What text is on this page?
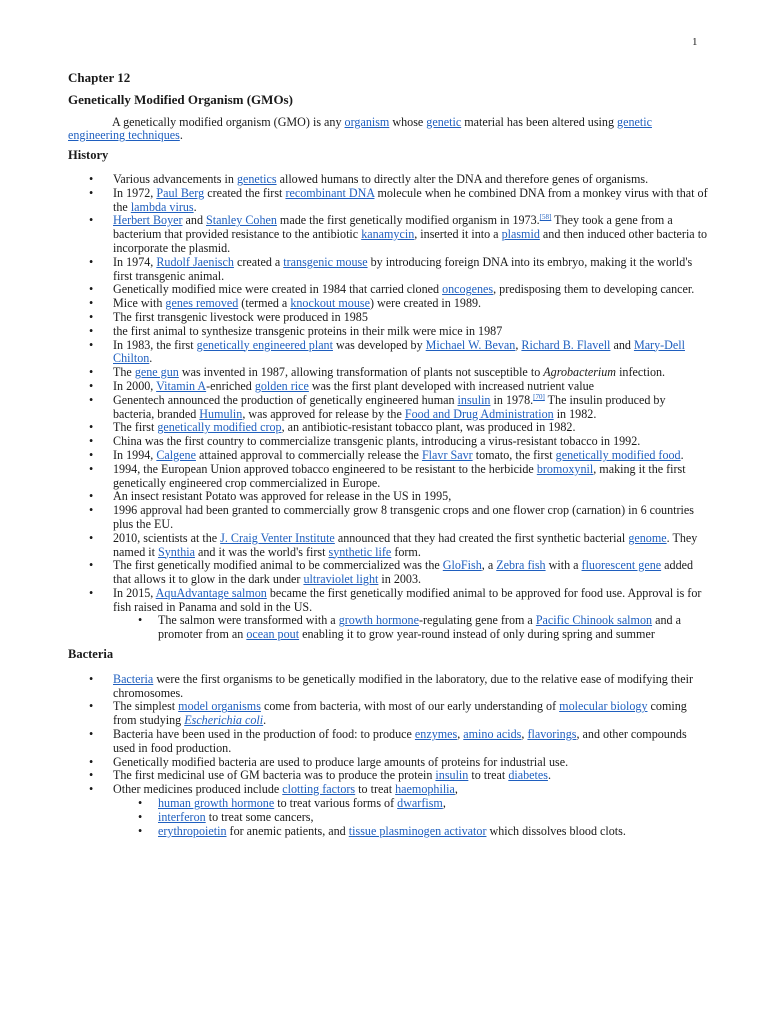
1
Chapter 12
Genetically Modified Organism (GMOs)

A genetically modified organism (GMO) is any organism whose genetic material has been altered using genetic engineering techniques.

History
• Various advancements in genetics allowed humans to directly alter the DNA and therefore genes of organisms.
• In 1972, Paul Berg created the first recombinant DNA molecule when he combined DNA from a monkey virus with that of the lambda virus.
• Herbert Boyer and Stanley Cohen made the first genetically modified organism in 1973.[58] They took a gene from a bacterium that provided resistance to the antibiotic kanamycin, inserted it into a plasmid and then induced other bacteria to incorporate the plasmid.
• In 1974, Rudolf Jaenisch created a transgenic mouse by introducing foreign DNA into its embryo, making it the world's first transgenic animal.
• Genetically modified mice were created in 1984 that carried cloned oncogenes, predisposing them to developing cancer.
• Mice with genes removed (termed a knockout mouse) were created in 1989.
• The first transgenic livestock were produced in 1985
• the first animal to synthesize transgenic proteins in their milk were mice in 1987
• In 1983, the first genetically engineered plant was developed by Michael W. Bevan, Richard B. Flavell and Mary-Dell Chilton.
• The gene gun was invented in 1987, allowing transformation of plants not susceptible to Agrobacterium infection.
• In 2000, Vitamin A-enriched golden rice was the first plant developed with increased nutrient value
• Genentech announced the production of genetically engineered human insulin in 1978.[70] The insulin produced by bacteria, branded Humulin, was approved for release by the Food and Drug Administration in 1982.
• The first genetically modified crop, an antibiotic-resistant tobacco plant, was produced in 1982.
• China was the first country to commercialize transgenic plants, introducing a virus-resistant tobacco in 1992.
• In 1994, Calgene attained approval to commercially release the Flavr Savr tomato, the first genetically modified food.
• 1994, the European Union approved tobacco engineered to be resistant to the herbicide bromoxynil, making it the first genetically engineered crop commercialized in Europe.
• An insect resistant Potato was approved for release in the US in 1995,
• 1996 approval had been granted to commercially grow 8 transgenic crops and one flower crop (carnation) in 6 countries plus the EU.
• 2010, scientists at the J. Craig Venter Institute announced that they had created the first synthetic bacterial genome. They named it Synthia and it was the world's first synthetic life form.
• The first genetically modified animal to be commercialized was the GloFish, a Zebra fish with a fluorescent gene added that allows it to glow in the dark under ultraviolet light in 2003.
• In 2015, AquAdvantage salmon became the first genetically modified animal to be approved for food use. Approval is for fish raised in Panama and sold in the US.
• The salmon were transformed with a growth hormone-regulating gene from a Pacific Chinook salmon and a promoter from an ocean pout enabling it to grow year-round instead of only during spring and summer
Bacteria
• Bacteria were the first organisms to be genetically modified in the laboratory, due to the relative ease of modifying their chromosomes.
• The simplest model organisms come from bacteria, with most of our early understanding of molecular biology coming from studying Escherichia coli.
• Bacteria have been used in the production of food: to produce enzymes, amino acids, flavorings, and other compounds used in food production.
• Genetically modified bacteria are used to produce large amounts of proteins for industrial use.
• The first medicinal use of GM bacteria was to produce the protein insulin to treat diabetes.
• Other medicines produced include clotting factors to treat haemophilia,
• human growth hormone to treat various forms of dwarfism,
• interferon to treat some cancers,
• erythropoietin for anemic patients, and tissue plasminogen activator which dissolves blood clots.
